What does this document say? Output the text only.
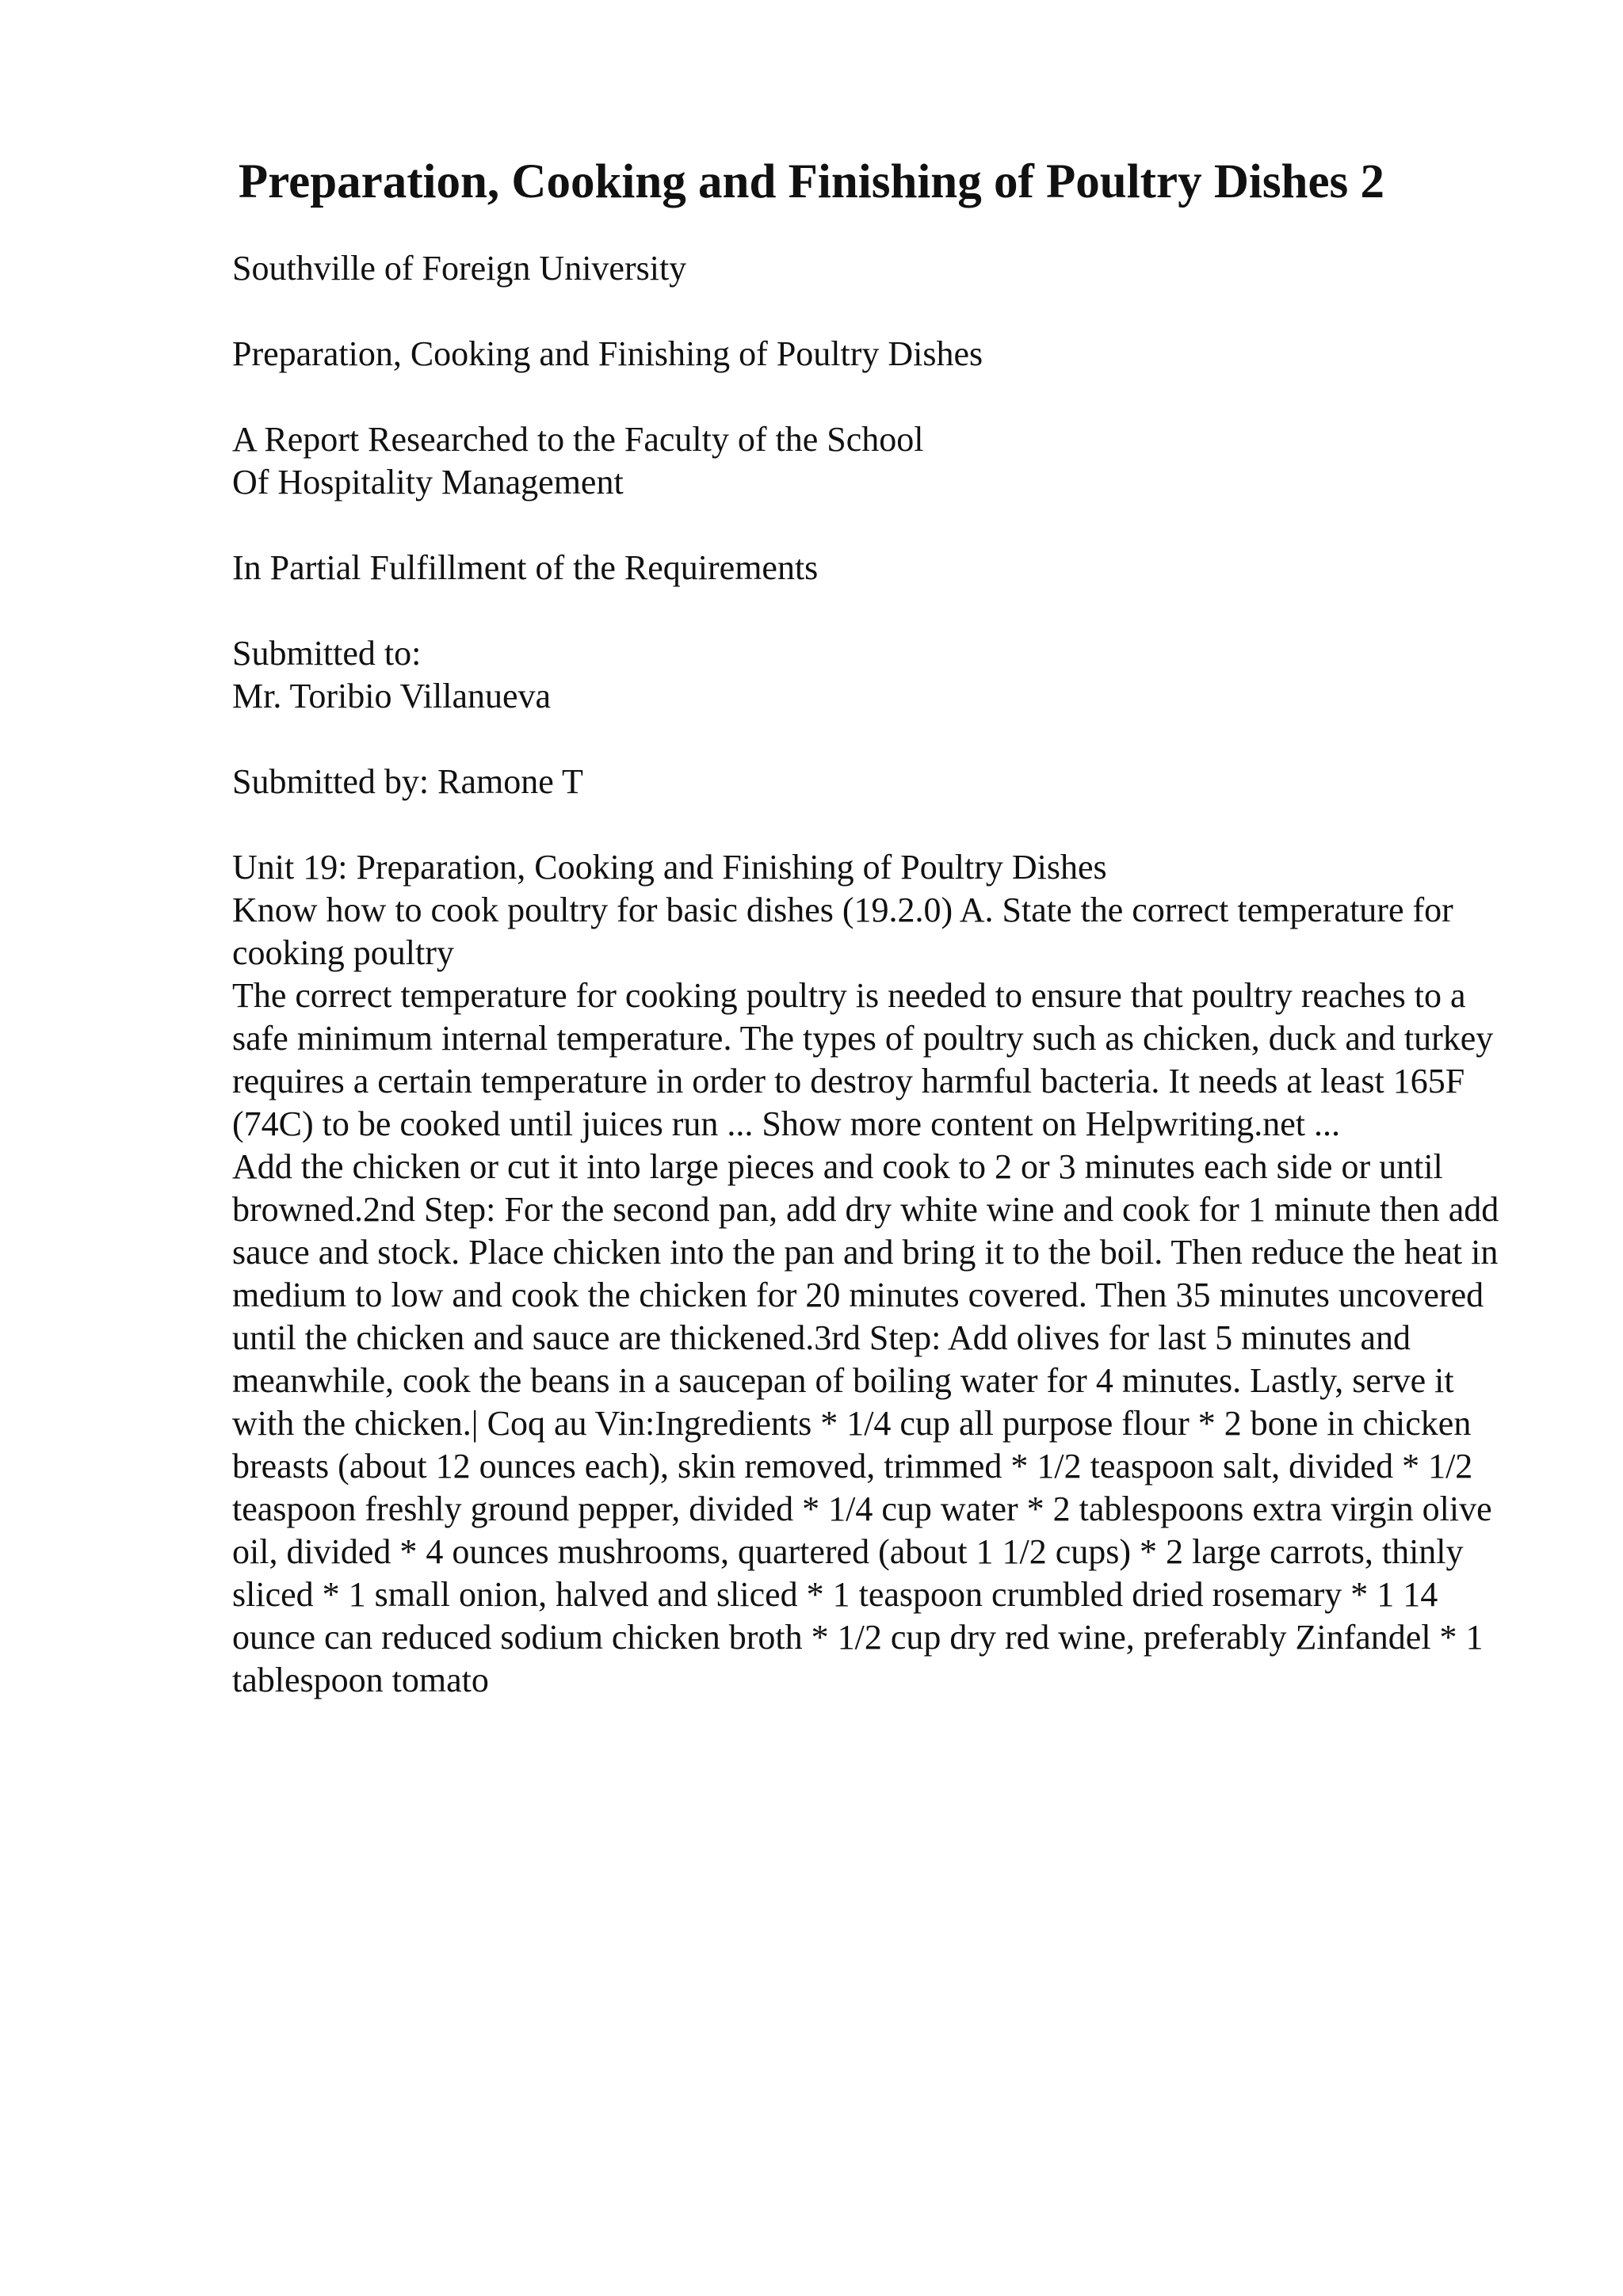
Preparation, Cooking and Finishing of Poultry Dishes 2

Southville of Foreign University

Preparation, Cooking and Finishing of Poultry Dishes

A Report Researched to the Faculty of the School
Of Hospitality Management

In Partial Fulfillment of the Requirements

Submitted to:
Mr. Toribio Villanueva

Submitted by: Ramone T

Unit 19: Preparation, Cooking and Finishing of Poultry Dishes

Know how to cook poultry for basic dishes (19.2.0) A. State the correct temperature for cooking poultry

The correct temperature for cooking poultry is needed to ensure that poultry reaches to a safe minimum internal temperature. The types of poultry such as chicken, duck and turkey requires a certain temperature in order to destroy harmful bacteria. It needs at least 165F (74C) to be cooked until juices run ... Show more content on Helpwriting.net ...

Add the chicken or cut it into large pieces and cook to 2 or 3 minutes each side or until browned.2nd Step: For the second pan, add dry white wine and cook for 1 minute then add sauce and stock. Place chicken into the pan and bring it to the boil. Then reduce the heat in medium to low and cook the chicken for 20 minutes covered. Then 35 minutes uncovered until the chicken and sauce are thickened.3rd Step: Add olives for last 5 minutes and meanwhile, cook the beans in a saucepan of boiling water for 4 minutes. Lastly, serve it with the chicken.| Coq au Vin:Ingredients * 1/4 cup all purpose flour * 2 bone in chicken breasts (about 12 ounces each), skin removed, trimmed * 1/2 teaspoon salt, divided * 1/2 teaspoon freshly ground pepper, divided * 1/4 cup water * 2 tablespoons extra virgin olive oil, divided * 4 ounces mushrooms, quartered (about 1 1/2 cups) * 2 large carrots, thinly sliced * 1 small onion, halved and sliced * 1 teaspoon crumbled dried rosemary * 1 14 ounce can reduced sodium chicken broth * 1/2 cup dry red wine, preferably Zinfandel * 1 tablespoon tomato
